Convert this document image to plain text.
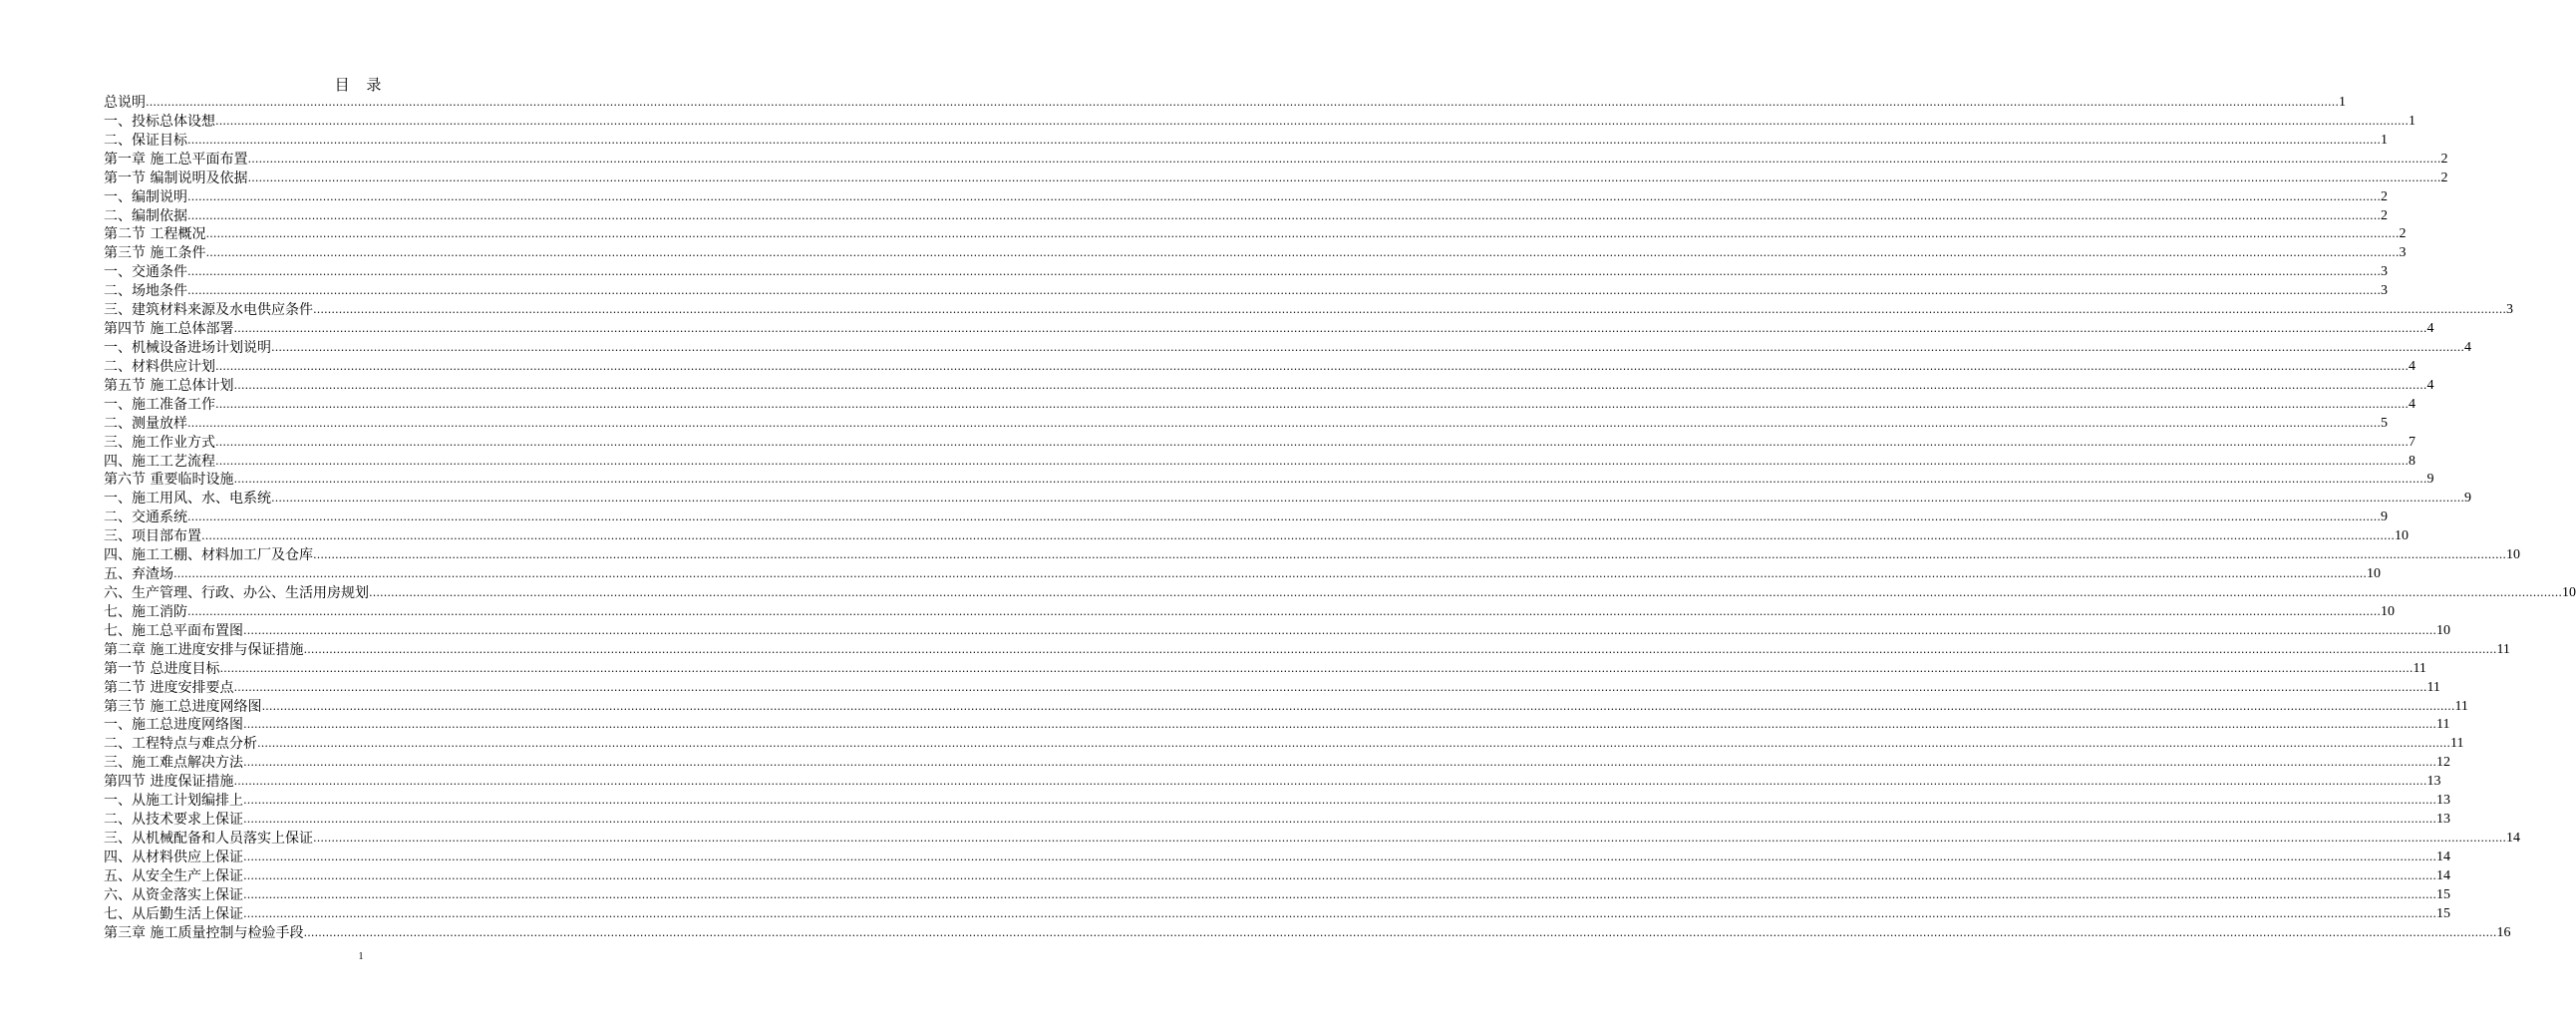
目 录
总说明 …………………………………………………………………………………………………………………………………………………………………………………………………………………………………………………………………………………………………………………………………………………………………………………………………………………………………………………………………………………………………………………………………………………… 1
一、投标总体设想 …………………………………………………………………………………………………………………………………………………………………………………………………………………………………………………………………………………………………………………………………………………………………………………………………………………………………………………………………………………………………………………………………………………… 1
二、保证目标 …………………………………………………………………………………………………………………………………………………………………………………………………………………………………………………………………………………………………………………………………………………………………………………………………………………………………………………………………………………………………………………………………………………… 1
第一章 施工总平面布置 …………………………………………………………………………………………………………………………………………………………………………………………………………………………………………………………………………………………………………………………………………………………………………………………………………………………………………………………………………………………………………………………………………………… 2
第一节 编制说明及依据 …………………………………………………………………………………………………………………………………………………………………………………………………………………………………………………………………………………………………………………………………………………………………………………………………………………………………………………………………………………………………………………………………………………… 2
一、编制说明 …………………………………………………………………………………………………………………………………………………………………………………………………………………………………………………………………………………………………………………………………………………………………………………………………………………………………………………………………………………………………………………………………………………… 2
二、编制依据 …………………………………………………………………………………………………………………………………………………………………………………………………………………………………………………………………………………………………………………………………………………………………………………………………………………………………………………………………………………………………………………………………………………… 2
第二节 工程概况 …………………………………………………………………………………………………………………………………………………………………………………………………………………………………………………………………………………………………………………………………………………………………………………………………………………………………………………………………………………………………………………………………………………… 2
第三节 施工条件 …………………………………………………………………………………………………………………………………………………………………………………………………………………………………………………………………………………………………………………………………………………………………………………………………………………………………………………………………………………………………………………………………………………… 3
一、交通条件 …………………………………………………………………………………………………………………………………………………………………………………………………………………………………………………………………………………………………………………………………………………………………………………………………………………………………………………………………………………………………………………………………………………… 3
二、场地条件 …………………………………………………………………………………………………………………………………………………………………………………………………………………………………………………………………………………………………………………………………………………………………………………………………………………………………………………………………………………………………………………………………………………… 3
三、建筑材料来源及水电供应条件 …………………………………………………………………………………………………………………………………………………………………………………………………………………………………………………………………………………………………………………………………………………………………………………………………………………………………………………………………………………………………………………………………………………… 3
第四节 施工总体部署 …………………………………………………………………………………………………………………………………………………………………………………………………………………………………………………………………………………………………………………………………………………………………………………………………………………………………………………………………………………………………………………………………………………… 4
一、机械设备进场计划说明 …………………………………………………………………………………………………………………………………………………………………………………………………………………………………………………………………………………………………………………………………………………………………………………………………………………………………………………………………………………………………………………………………………………… 4
二、材料供应计划 …………………………………………………………………………………………………………………………………………………………………………………………………………………………………………………………………………………………………………………………………………………………………………………………………………………………………………………………………………………………………………………………………………………… 4
第五节 施工总体计划 …………………………………………………………………………………………………………………………………………………………………………………………………………………………………………………………………………………………………………………………………………………………………………………………………………………………………………………………………………………………………………………………………………………… 4
一、施工准备工作 …………………………………………………………………………………………………………………………………………………………………………………………………………………………………………………………………………………………………………………………………………………………………………………………………………………………………………………………………………………………………………………………………………………… 4
二、测量放样 …………………………………………………………………………………………………………………………………………………………………………………………………………………………………………………………………………………………………………………………………………………………………………………………………………………………………………………………………………………………………………………………………………………… 5
三、施工作业方式 …………………………………………………………………………………………………………………………………………………………………………………………………………………………………………………………………………………………………………………………………………………………………………………………………………………………………………………………………………………………………………………………………………………… 7
四、施工工艺流程 …………………………………………………………………………………………………………………………………………………………………………………………………………………………………………………………………………………………………………………………………………………………………………………………………………………………………………………………………………………………………………………………………………………… 8
第六节 重要临时设施 …………………………………………………………………………………………………………………………………………………………………………………………………………………………………………………………………………………………………………………………………………………………………………………………………………………………………………………………………………………………………………………………………………………… 9
一、施工用风、水、电系统 …………………………………………………………………………………………………………………………………………………………………………………………………………………………………………………………………………………………………………………………………………………………………………………………………………………………………………………………………………………………………………………………………………………… 9
二、交通系统 …………………………………………………………………………………………………………………………………………………………………………………………………………………………………………………………………………………………………………………………………………………………………………………………………………………………………………………………………………………………………………………………………………………… 9
三、项目部布置 …………………………………………………………………………………………………………………………………………………………………………………………………………………………………………………………………………………………………………………………………………………………………………………………………………………………………………………………………………………………………………………………………………………… 10
四、施工工棚、材料加工厂及仓库 …………………………………………………………………………………………………………………………………………………………………………………………………………………………………………………………………………………………………………………………………………………………………………………………………………………………………………………………………………………………………………………………………………………… 10
五、弃渣场 …………………………………………………………………………………………………………………………………………………………………………………………………………………………………………………………………………………………………………………………………………………………………………………………………………………………………………………………………………………………………………………………………………………… 10
六、生产管理、行政、办公、生活用房规划 …………………………………………………………………………………………………………………………………………………………………………………………………………………………………………………………………………………………………………………………………………………………………………………………………………………………………………………………………………………………………………………………………………………… 10
七、施工消防 …………………………………………………………………………………………………………………………………………………………………………………………………………………………………………………………………………………………………………………………………………………………………………………………………………………………………………………………………………………………………………………………………………………… 10
七、施工总平面布置图 …………………………………………………………………………………………………………………………………………………………………………………………………………………………………………………………………………………………………………………………………………………………………………………………………………………………………………………………………………………………………………………………………………………… 10
第二章 施工进度安排与保证措施 …………………………………………………………………………………………………………………………………………………………………………………………………………………………………………………………………………………………………………………………………………………………………………………………………………………………………………………………………………………………………………………………………………………… 11
第一节 总进度目标 …………………………………………………………………………………………………………………………………………………………………………………………………………………………………………………………………………………………………………………………………………………………………………………………………………………………………………………………………………………………………………………………………………………… 11
第二节 进度安排要点 …………………………………………………………………………………………………………………………………………………………………………………………………………………………………………………………………………………………………………………………………………………………………………………………………………………………………………………………………………………………………………………………………………………… 11
第三节 施工总进度网络图 …………………………………………………………………………………………………………………………………………………………………………………………………………………………………………………………………………………………………………………………………………………………………………………………………………………………………………………………………………………………………………………………………………………… 11
一、施工总进度网络图 …………………………………………………………………………………………………………………………………………………………………………………………………………………………………………………………………………………………………………………………………………………………………………………………………………………………………………………………………………………………………………………………………………………… 11
二、工程特点与难点分析 …………………………………………………………………………………………………………………………………………………………………………………………………………………………………………………………………………………………………………………………………………………………………………………………………………………………………………………………………………………………………………………………………………………… 11
三、施工难点解决方法 …………………………………………………………………………………………………………………………………………………………………………………………………………………………………………………………………………………………………………………………………………………………………………………………………………………………………………………………………………………………………………………………………………………… 12
第四节 进度保证措施 …………………………………………………………………………………………………………………………………………………………………………………………………………………………………………………………………………………………………………………………………………………………………………………………………………………………………………………………………………………………………………………………………………………… 13
一、从施工计划编排上 …………………………………………………………………………………………………………………………………………………………………………………………………………………………………………………………………………………………………………………………………………………………………………………………………………………………………………………………………………………………………………………………………………………… 13
二、从技术要求上保证 …………………………………………………………………………………………………………………………………………………………………………………………………………………………………………………………………………………………………………………………………………………………………………………………………………………………………………………………………………………………………………………………………………………… 13
三、从机械配备和人员落实上保证 …………………………………………………………………………………………………………………………………………………………………………………………………………………………………………………………………………………………………………………………………………………………………………………………………………………………………………………………………………………………………………………………………………………… 14
四、从材料供应上保证 …………………………………………………………………………………………………………………………………………………………………………………………………………………………………………………………………………………………………………………………………………………………………………………………………………………………………………………………………………………………………………………………………………………… 14
五、从安全生产上保证 …………………………………………………………………………………………………………………………………………………………………………………………………………………………………………………………………………………………………………………………………………………………………………………………………………………………………………………………………………………………………………………………………………………… 14
六、从资金落实上保证 …………………………………………………………………………………………………………………………………………………………………………………………………………………………………………………………………………………………………………………………………………………………………………………………………………………………………………………………………………………………………………………………………………………… 15
七、从后勤生活上保证 …………………………………………………………………………………………………………………………………………………………………………………………………………………………………………………………………………………………………………………………………………………………………………………………………………………………………………………………………………………………………………………………………………………… 15
第三章 施工质量控制与检验手段 …………………………………………………………………………………………………………………………………………………………………………………………………………………………………………………………………………………………………………………………………………………………………………………………………………………………………………………………………………………………………………………………………………………… 16
1
